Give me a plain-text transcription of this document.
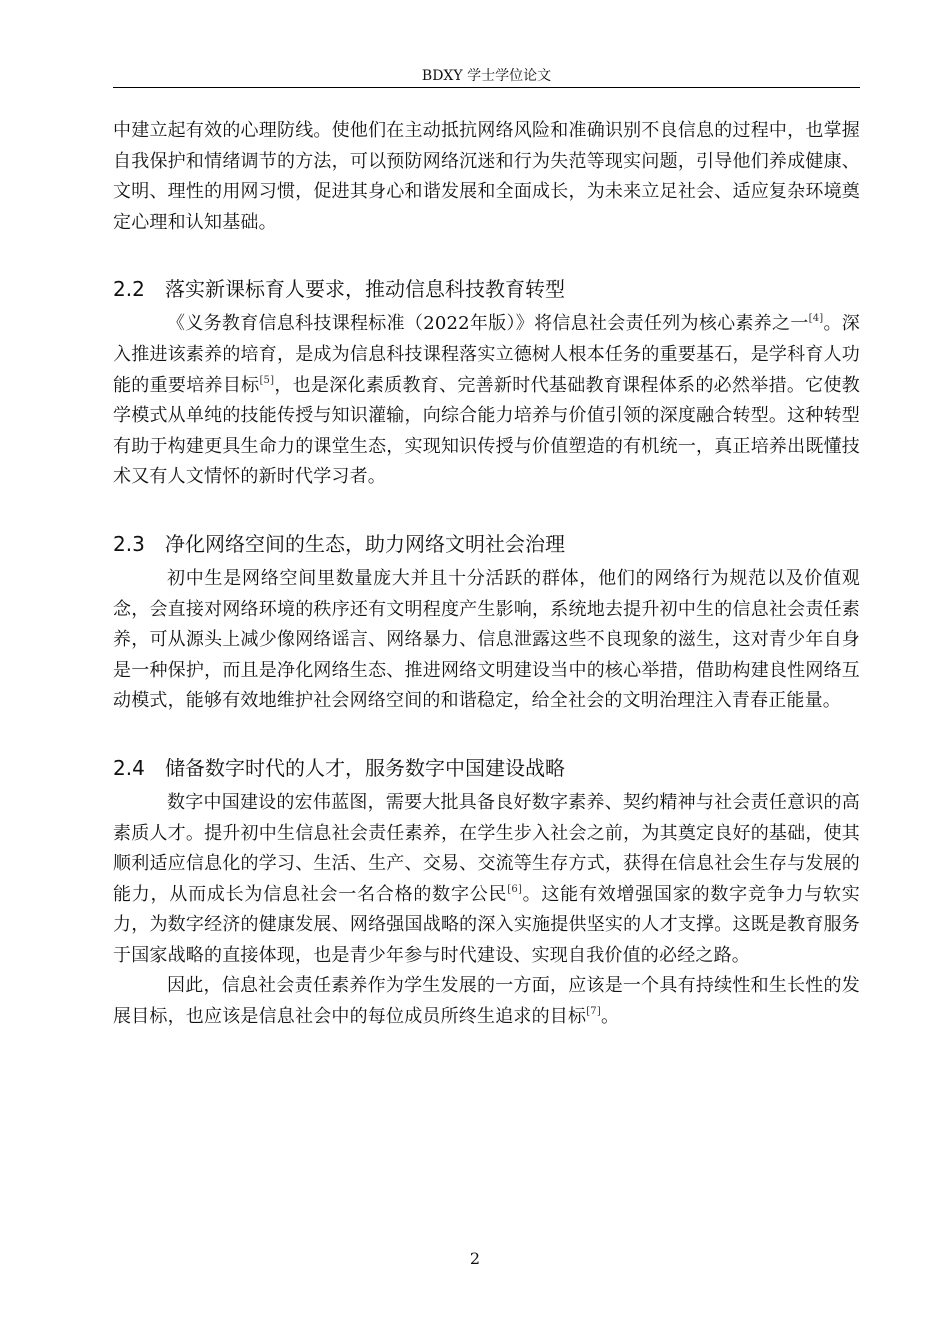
BDXY 学士学位论文

中建立起有效的心理防线。使他们在主动抵抗网络风险和准确识别不良信息的过程中，也掌握自我保护和情绪调节的方法，可以预防网络沉迷和行为失范等现实问题，引导他们养成健康、文明、理性的用网习惯，促进其身心和谐发展和全面成长，为未来立足社会、适应复杂环境奠定心理和认知基础。

2.2 落实新课标育人要求，推动信息科技教育转型

《义务教育信息科技课程标准（2022年版）》将信息社会责任列为核心素养之一[4]。深入推进该素养的培育，是成为信息科技课程落实立德树人根本任务的重要基石，是学科育人功能的重要培养目标[5]，也是深化素质教育、完善新时代基础教育课程体系的必然举措。它使教学模式从单纯的技能传授与知识灌输，向综合能力培养与价值引领的深度融合转型。这种转型有助于构建更具生命力的课堂生态，实现知识传授与价值塑造的有机统一，真正培养出既懂技术又有人文情怀的新时代学习者。

2.3 净化网络空间的生态，助力网络文明社会治理

初中生是网络空间里数量庞大并且十分活跃的群体，他们的网络行为规范以及价值观念，会直接对网络环境的秩序还有文明程度产生影响，系统地去提升初中生的信息社会责任素养，可从源头上减少像网络谣言、网络暴力、信息泄露这些不良现象的滋生，这对青少年自身是一种保护，而且是净化网络生态、推进网络文明建设当中的核心举措，借助构建良性网络互动模式，能够有效地维护社会网络空间的和谐稳定，给全社会的文明治理注入青春正能量。

2.4 储备数字时代的人才，服务数字中国建设战略

数字中国建设的宏伟蓝图，需要大批具备良好数字素养、契约精神与社会责任意识的高素质人才。提升初中生信息社会责任素养，在学生步入社会之前，为其奠定良好的基础，使其顺利适应信息化的学习、生活、生产、交易、交流等生存方式，获得在信息社会生存与发展的能力，从而成长为信息社会一名合格的数字公民[6]。这能有效增强国家的数字竞争力与软实力，为数字经济的健康发展、网络强国战略的深入实施提供坚实的人才支撑。这既是教育服务于国家战略的直接体现，也是青少年参与时代建设、实现自我价值的必经之路。

因此，信息社会责任素养作为学生发展的一方面，应该是一个具有持续性和生长性的发展目标，也应该是信息社会中的每位成员所终生追求的目标[7]。

2
